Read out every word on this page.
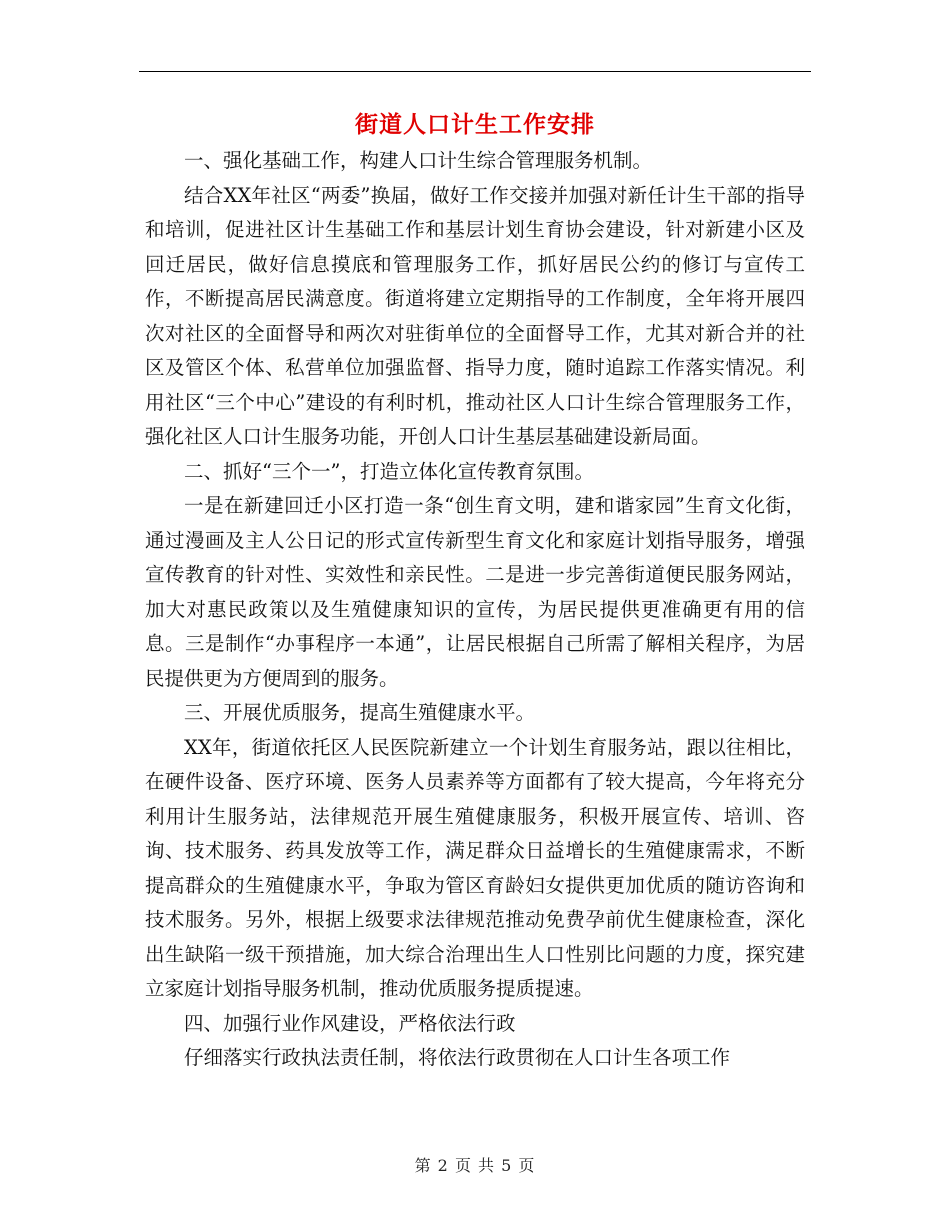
街道人口计生工作安排

一、强化基础工作，构建人口计生综合管理服务机制。

结合XX年社区“两委”换届，做好工作交接并加强对新任计生干部的指导和培训，促进社区计生基础工作和基层计划生育协会建设，针对新建小区及回迁居民，做好信息摸底和管理服务工作，抓好居民公约的修订与宣传工作，不断提高居民满意度。街道将建立定期指导的工作制度，全年将开展四次对社区的全面督导和两次对驻街单位的全面督导工作，尤其对新合并的社区及管区个体、私营单位加强监督、指导力度，随时追踪工作落实情况。利用社区“三个中心”建设的有利时机，推动社区人口计生综合管理服务工作，强化社区人口计生服务功能，开创人口计生基层基础建设新局面。

二、抓好“三个一”，打造立体化宣传教育氛围。

一是在新建回迁小区打造一条“创生育文明，建和谐家园”生育文化街，通过漫画及主人公日记的形式宣传新型生育文化和家庭计划指导服务，增强宣传教育的针对性、实效性和亲民性。二是进一步完善街道便民服务网站，加大对惠民政策以及生殖健康知识的宣传，为居民提供更准确更有用的信息。三是制作“办事程序一本通”，让居民根据自己所需了解相关程序，为居民提供更为方便周到的服务。

三、开展优质服务，提高生殖健康水平。

XX年，街道依托区人民医院新建立一个计划生育服务站，跟以往相比，在硬件设备、医疗环境、医务人员素养等方面都有了较大提高，今年将充分利用计生服务站，法律规范开展生殖健康服务，积极开展宣传、培训、咨询、技术服务、药具发放等工作，满足群众日益增长的生殖健康需求，不断提高群众的生殖健康水平，争取为管区育龄妇女提供更加优质的随访咨询和技术服务。另外，根据上级要求法律规范推动免费孕前优生健康检查，深化出生缺陷一级干预措施，加大综合治理出生人口性别比问题的力度，探究建立家庭计划指导服务机制，推动优质服务提质提速。

四、加强行业作风建设，严格依法行政

仔细落实行政执法责任制，将依法行政贯彻在人口计生各项工作

第 2 页 共 5 页
